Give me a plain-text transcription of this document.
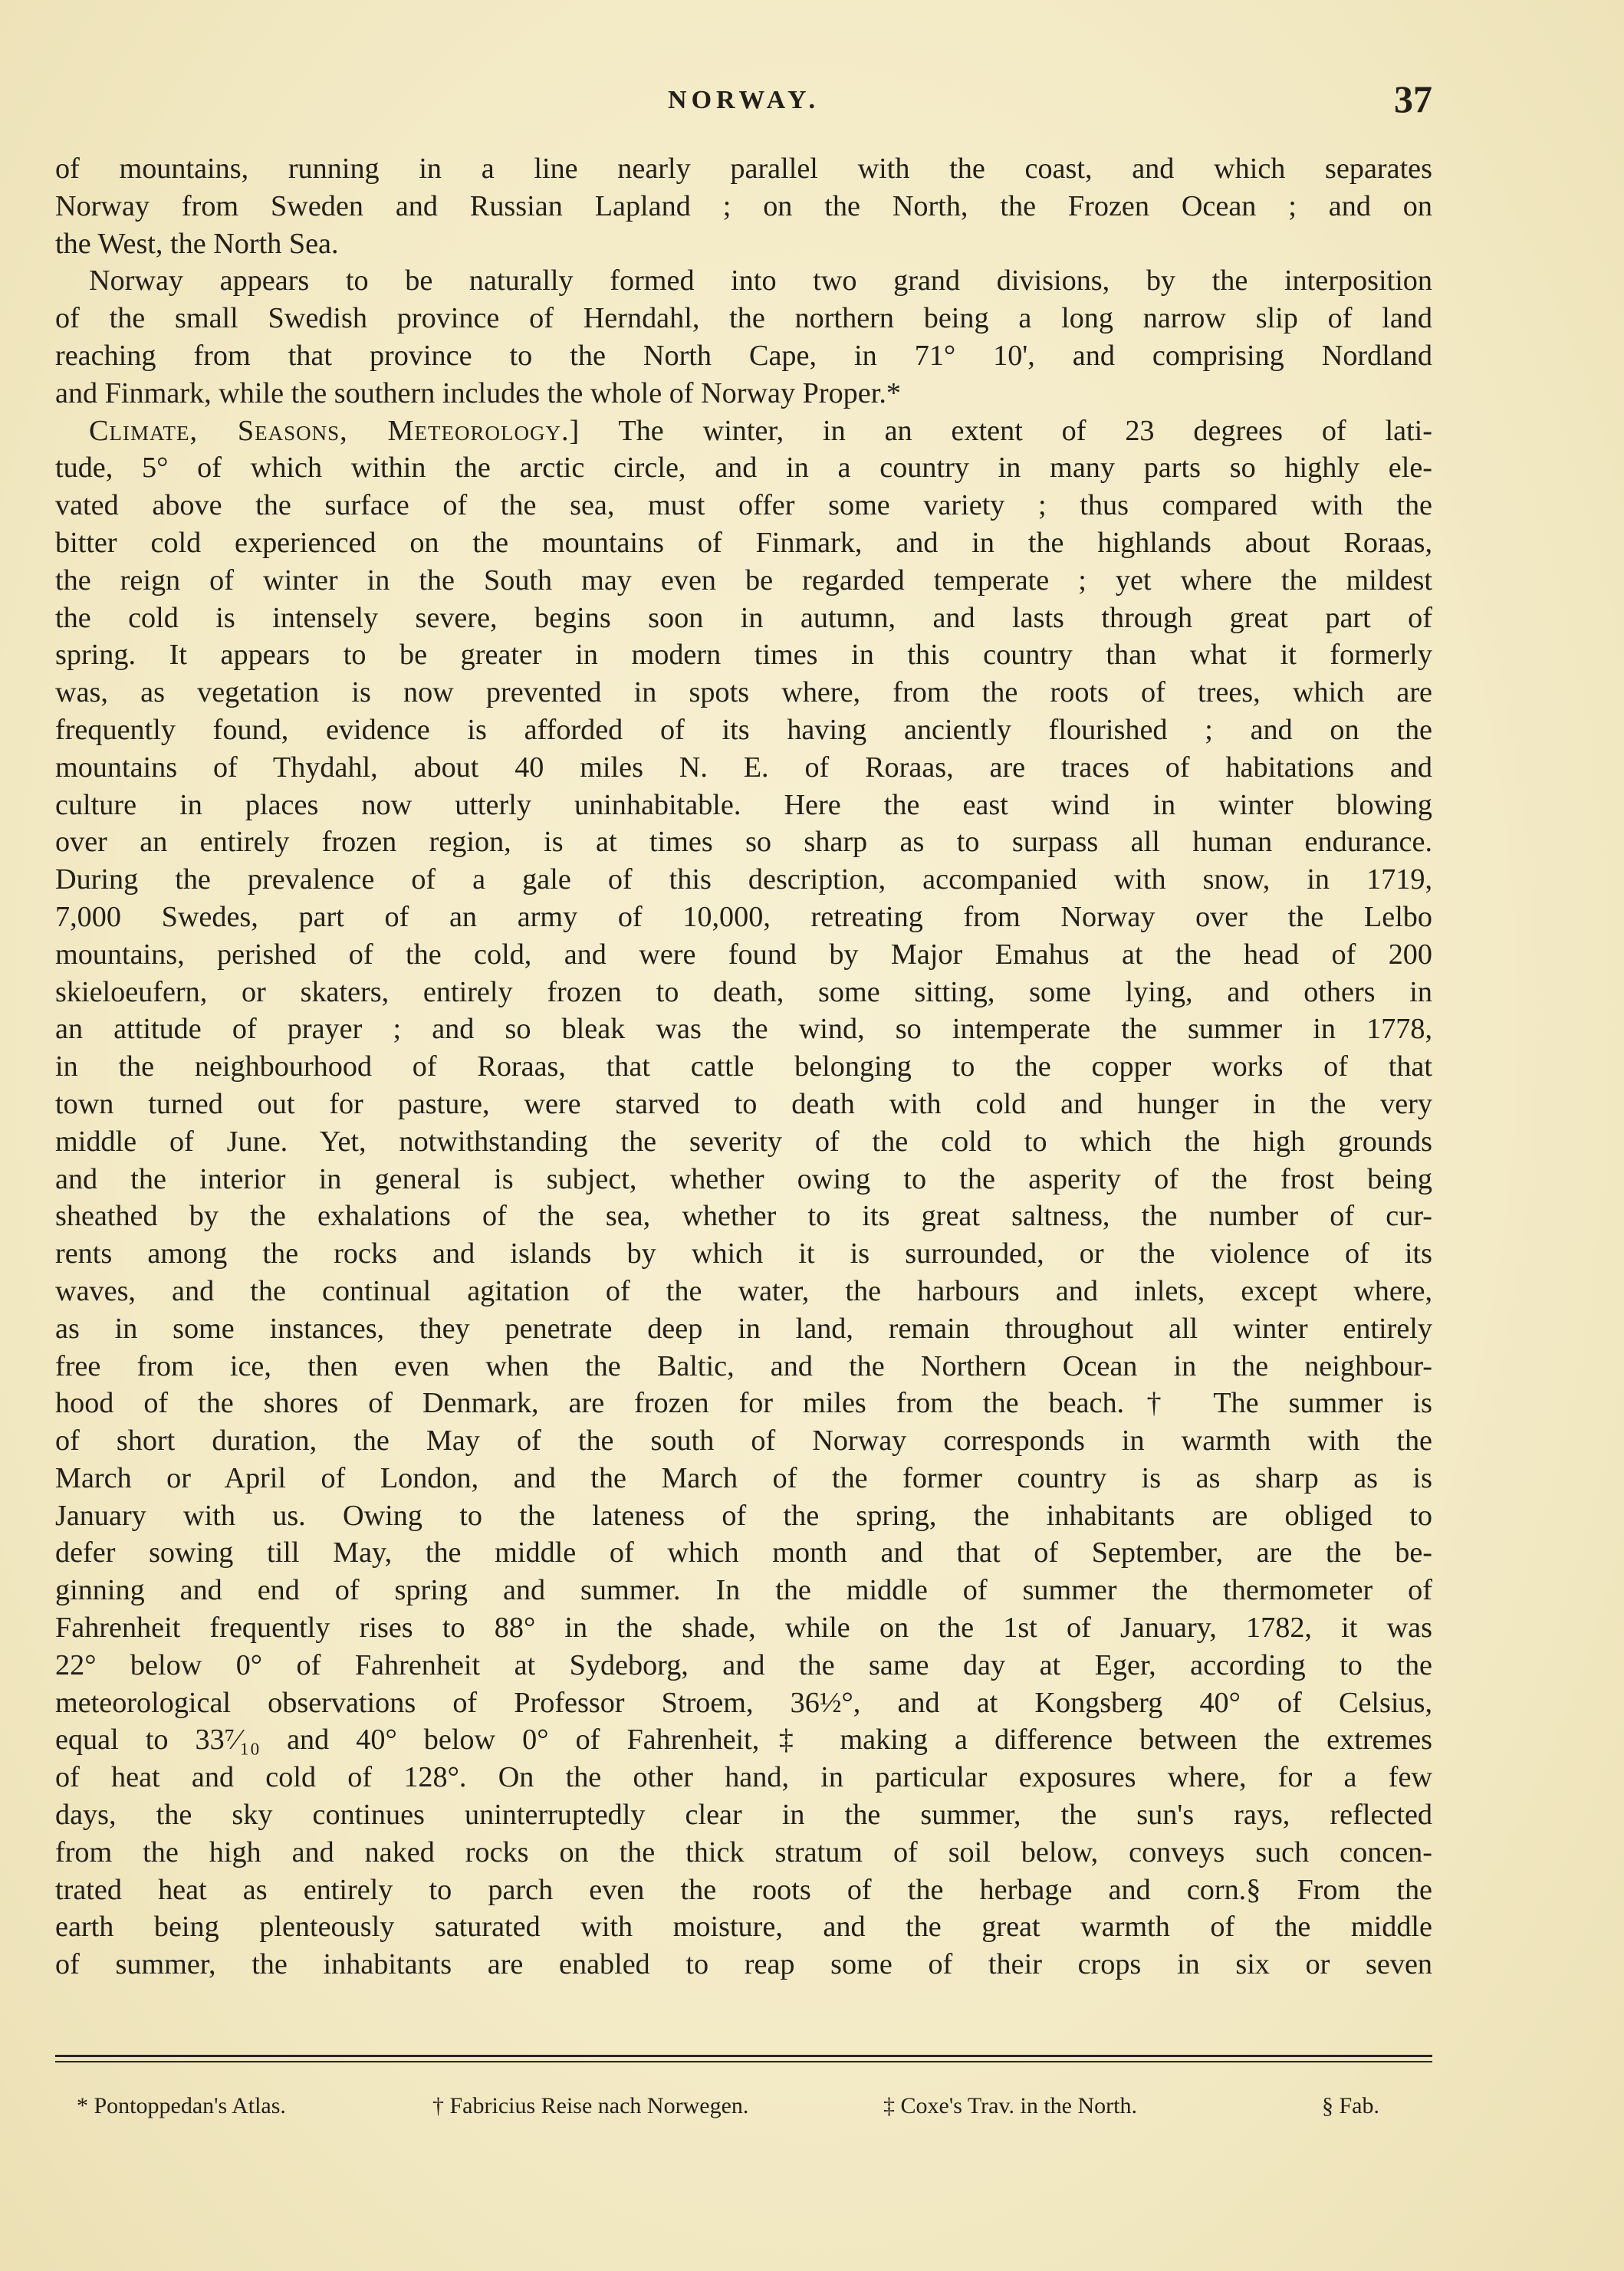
NORWAY.	37
of mountains, running in a line nearly parallel with the coast, and which separates
Norway from Sweden and Russian Lapland ; on the North, the Frozen Ocean ; and on
the West, the North Sea.
Norway appears to be naturally formed into two grand divisions, by the interposition
of the small Swedish province of Herndahl, the northern being a long narrow slip of land
reaching from that province to the North Cape, in 71° 10', and comprising Nordland
and Finmark, while the southern includes the whole of Norway Proper.*
Climate, Seasons, Meteorology.] The winter, in an extent of 23 degrees of lati-
tude, 5° of which within the arctic circle, and in a country in many parts so highly ele-
vated above the surface of the sea, must offer some variety ; thus compared with the
bitter cold experienced on the mountains of Finmark, and in the highlands about Roraas,
the reign of winter in the South may even be regarded temperate ; yet where the mildest
the cold is intensely severe, begins soon in autumn, and lasts through great part of
spring. It appears to be greater in modern times in this country than what it formerly
was, as vegetation is now prevented in spots where, from the roots of trees, which are
frequently found, evidence is afforded of its having anciently flourished ; and on the
mountains of Thydahl, about 40 miles N. E. of Roraas, are traces of habitations and
culture in places now utterly uninhabitable. Here the east wind in winter blowing
over an entirely frozen region, is at times so sharp as to surpass all human endurance.
During the prevalence of a gale of this description, accompanied with snow, in 1719,
7,000 Swedes, part of an army of 10,000, retreating from Norway over the Lelbo
mountains, perished of the cold, and were found by Major Emahus at the head of 200
skieloeufern, or skaters, entirely frozen to death, some sitting, some lying, and others in
an attitude of prayer ; and so bleak was the wind, so intemperate the summer in 1778,
in the neighbourhood of Roraas, that cattle belonging to the copper works of that
town turned out for pasture, were starved to death with cold and hunger in the very
middle of June. Yet, notwithstanding the severity of the cold to which the high grounds
and the interior in general is subject, whether owing to the asperity of the frost being
sheathed by the exhalations of the sea, whether to its great saltness, the number of cur-
rents among the rocks and islands by which it is surrounded, or the violence of its
waves, and the continual agitation of the water, the harbours and inlets, except where,
as in some instances, they penetrate deep in land, remain throughout all winter entirely
free from ice, then even when the Baltic, and the Northern Ocean in the neighbour-
hood of the shores of Denmark, are frozen for miles from the beach.† The summer is
of short duration, the May of the south of Norway corresponds in warmth with the
March or April of London, and the March of the former country is as sharp as is
January with us. Owing to the lateness of the spring, the inhabitants are obliged to
defer sowing till May, the middle of which month and that of September, are the be-
ginning and end of spring and summer. In the middle of summer the thermometer of
Fahrenheit frequently rises to 88° in the shade, while on the 1st of January, 1782, it was
22° below 0° of Fahrenheit at Sydeborg, and the same day at Eger, according to the
meteorological observations of Professor Stroem, 36½°, and at Kongsberg 40° of Celsius,
equal to 33⁷⁄₁₀ and 40° below 0° of Fahrenheit,‡ making a difference between the extremes
of heat and cold of 128°. On the other hand, in particular exposures where, for a few
days, the sky continues uninterruptedly clear in the summer, the sun's rays, reflected
from the high and naked rocks on the thick stratum of soil below, conveys such concen-
trated heat as entirely to parch even the roots of the herbage and corn.§ From the
earth being plenteously saturated with moisture, and the great warmth of the middle
of summer, the inhabitants are enabled to reap some of their crops in six or seven
* Pontoppedan's Atlas.	† Fabricius Reise nach Norwegen.	‡ Coxe's Trav. in the North.	§ Fab.
